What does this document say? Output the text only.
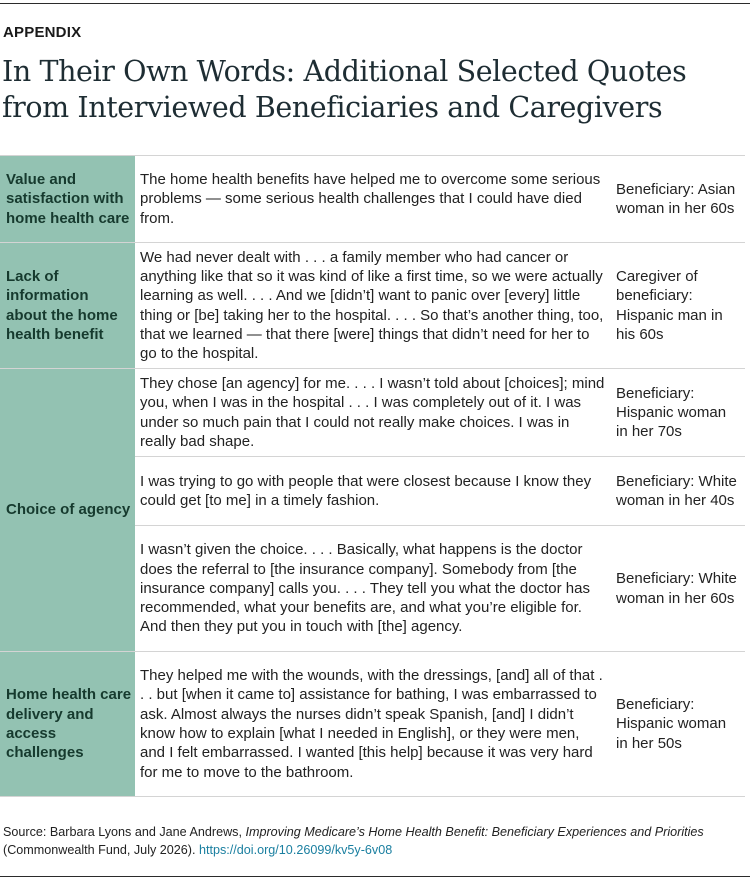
APPENDIX
In Their Own Words: Additional Selected Quotes from Interviewed Beneficiaries and Caregivers
Value and satisfaction with home health care	The home health benefits have helped me to overcome some serious problems — some serious health challenges that I could have died from.	Beneficiary: Asian woman in her 60s
Lack of information about the home health benefit	We had never dealt with . . . a family member who had cancer or anything like that so it was kind of like a first time, so we were actually learning as well. . . . And we [didn’t] want to panic over [every] little thing or [be] taking her to the hospital. . . . So that’s another thing, too, that we learned — that there [were] things that didn’t need for her to go to the hospital.	Caregiver of beneficiary: Hispanic man in his 60s
Choice of agency	They chose [an agency] for me. . . . I wasn’t told about [choices]; mind you, when I was in the hospital . . . I was completely out of it. I was under so much pain that I could not really make choices. I was in really bad shape.	Beneficiary: Hispanic woman in her 70s
	I was trying to go with people that were closest because I know they could get [to me] in a timely fashion.	Beneficiary: White woman in her 40s
	I wasn’t given the choice. . . . Basically, what happens is the doctor does the referral to [the insurance company]. Somebody from [the insurance company] calls you. . . . They tell you what the doctor has recommended, what your benefits are, and what you’re eligible for. And then they put you in touch with [the] agency.	Beneficiary: White woman in her 60s
Home health care delivery and access challenges	They helped me with the wounds, with the dressings, [and] all of that . . . but [when it came to] assistance for bathing, I was embarrassed to ask. Almost always the nurses didn’t speak Spanish, [and] I didn’t know how to explain [what I needed in English], or they were men, and I felt embarrassed. I wanted [this help] because it was very hard for me to move to the bathroom.	Beneficiary: Hispanic woman in her 50s
Source: Barbara Lyons and Jane Andrews, Improving Medicare’s Home Health Benefit: Beneficiary Experiences and Priorities (Commonwealth Fund, July 2026). https://doi.org/10.26099/kv5y-6v08
